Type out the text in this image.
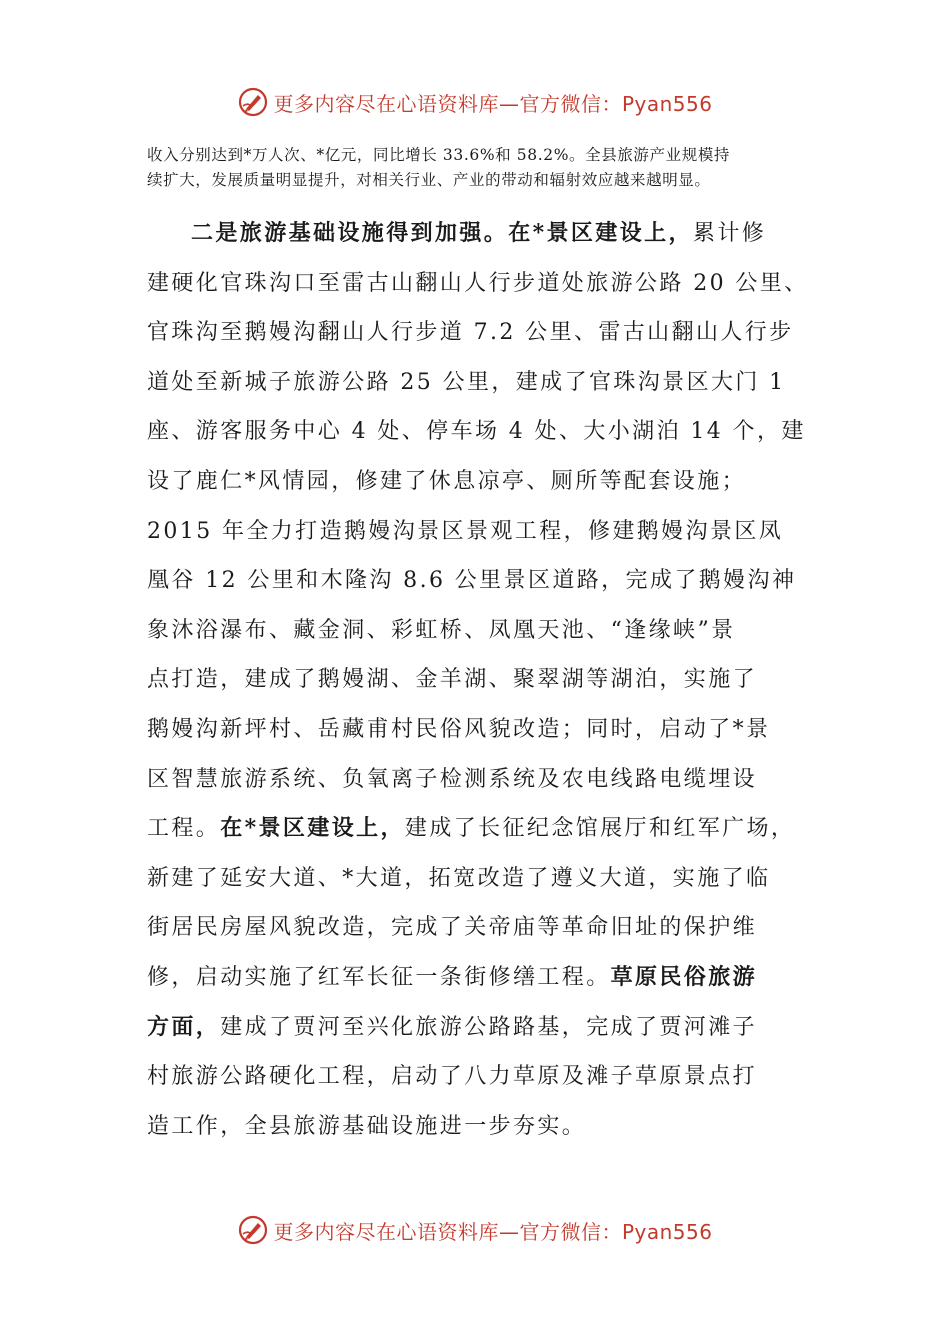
更多内容尽在心语资料库—官方微信：Pyan556

收入分别达到*万人次、*亿元，同比增长 33.6%和 58.2%。全县旅游产业规模持

续扩大，发展质量明显提升，对相关行业、产业的带动和辐射效应越来越明显。

二是旅游基础设施得到加强。在*景区建设上，累计修
建硬化官珠沟口至雷古山翻山人行步道处旅游公路 20 公里、
官珠沟至鹅嫚沟翻山人行步道 7.2 公里、雷古山翻山人行步
道处至新城子旅游公路 25 公里，建成了官珠沟景区大门 1
座、游客服务中心 4 处、停车场 4 处、大小湖泊 14 个，建
设了鹿仁*风情园，修建了休息凉亭、厕所等配套设施；
2015 年全力打造鹅嫚沟景区景观工程，修建鹅嫚沟景区凤
凰谷 12 公里和木隆沟 8.6 公里景区道路，完成了鹅嫚沟神
象沐浴瀑布、藏金洞、彩虹桥、凤凰天池、“逢缘峡”景
点打造，建成了鹅嫚湖、金羊湖、聚翠湖等湖泊，实施了
鹅嫚沟新坪村、岳藏甫村民俗风貌改造；同时，启动了*景
区智慧旅游系统、负氧离子检测系统及农电线路电缆埋设
工程。在*景区建设上，建成了长征纪念馆展厅和红军广场，
新建了延安大道、*大道，拓宽改造了遵义大道，实施了临
街居民房屋风貌改造，完成了关帝庙等革命旧址的保护维
修，启动实施了红军长征一条街修缮工程。草原民俗旅游
方面，建成了贾河至兴化旅游公路路基，完成了贾河滩子
村旅游公路硬化工程，启动了八力草原及滩子草原景点打
造工作，全县旅游基础设施进一步夯实。
更多内容尽在心语资料库—官方微信：Pyan556
